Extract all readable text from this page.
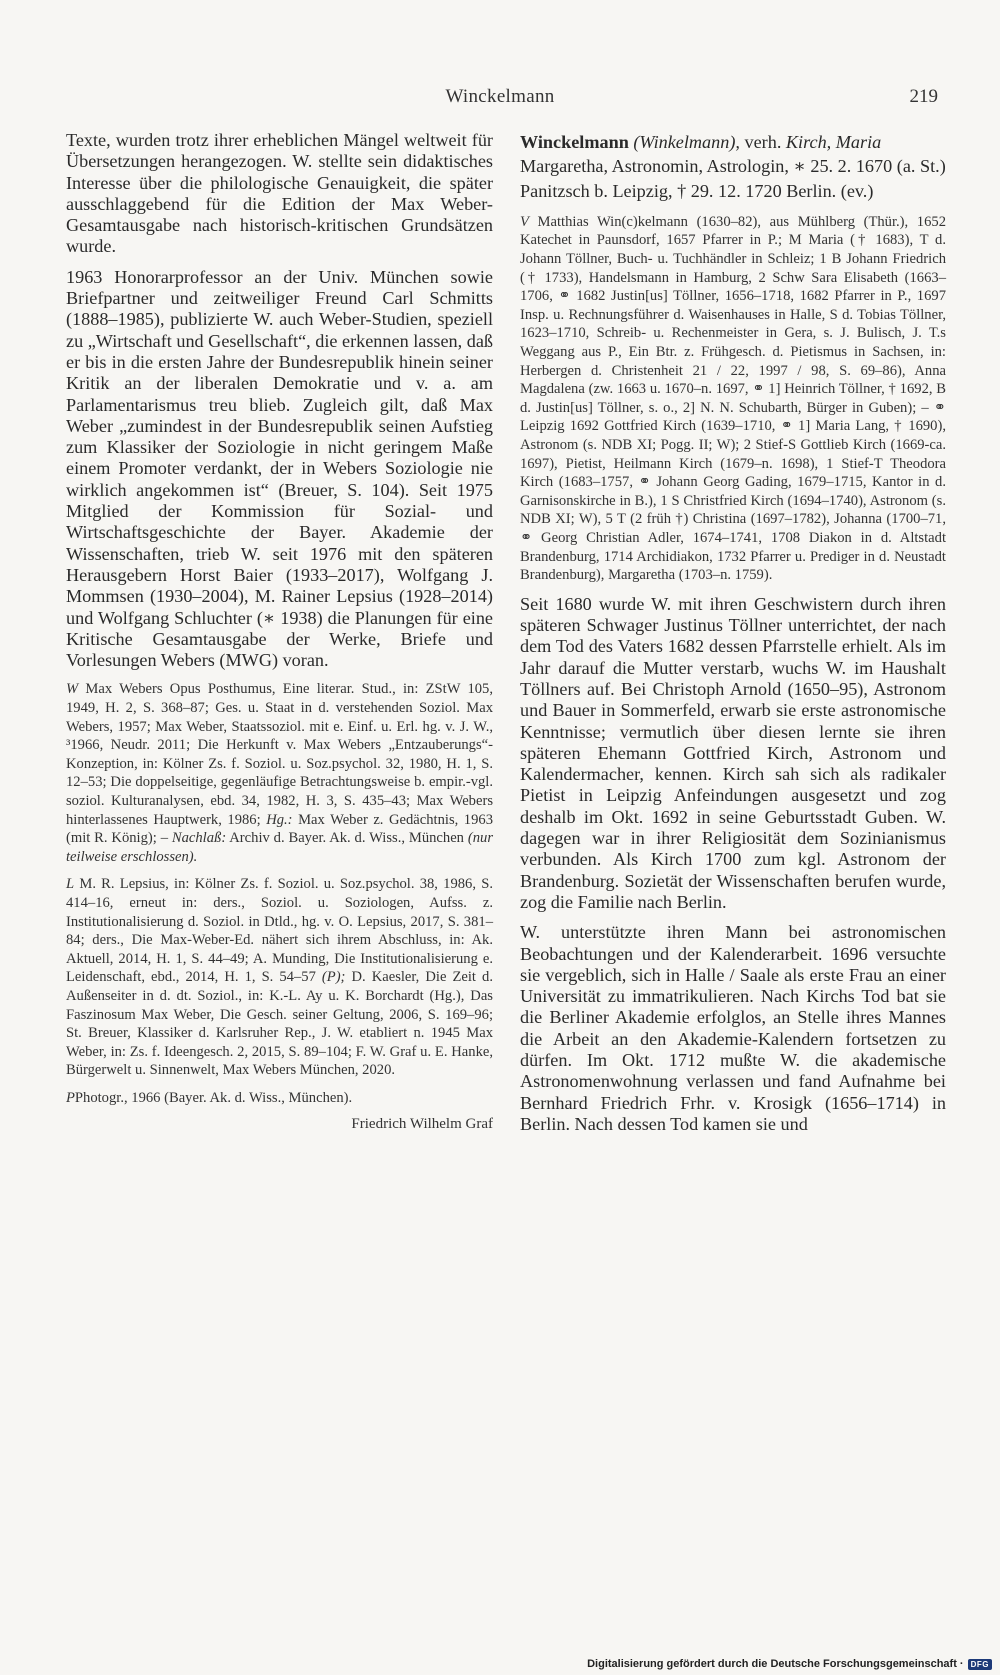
Winckelmann	219

Texte, wurden trotz ihrer erheblichen Mängel weltweit für Übersetzungen herangezogen. W. stellte sein didaktisches Interesse über die philologische Genauigkeit, die später ausschlaggebend für die Edition der Max Weber-Gesamtausgabe nach historisch-kritischen Grundsätzen wurde.

1963 Honorarprofessor an der Univ. München sowie Briefpartner und zeitweiliger Freund Carl Schmitts (1888–1985), publizierte W. auch Weber-Studien, speziell zu „Wirtschaft und Gesellschaft“, die erkennen lassen, daß er bis in die ersten Jahre der Bundesrepublik hinein seiner Kritik an der liberalen Demokratie und v. a. am Parlamentarismus treu blieb. Zugleich gilt, daß Max Weber „zumindest in der Bundesrepublik seinen Aufstieg zum Klassiker der Soziologie in nicht geringem Maße einem Promoter verdankt, der in Webers Soziologie nie wirklich angekommen ist“ (Breuer, S. 104). Seit 1975 Mitglied der Kommission für Sozial- und Wirtschaftsgeschichte der Bayer. Akademie der Wissenschaften, trieb W. seit 1976 mit den späteren Herausgebern Horst Baier (1933–2017), Wolfgang J. Mommsen (1930–2004), M. Rainer Lepsius (1928–2014) und Wolfgang Schluchter (∗ 1938) die Planungen für eine Kritische Gesamtausgabe der Werke, Briefe und Vorlesungen Webers (MWG) voran.

W Max Webers Opus Posthumus, Eine literar. Stud., in: ZStW 105, 1949, H. 2, S. 368–87; Ges. u. Staat in d. verstehenden Soziol. Max Webers, 1957; Max Weber, Staatssoziol. mit e. Einf. u. Erl. hg. v. J. W., ³1966, Neudr. 2011; Die Herkunft v. Max Webers „Entzauberungs“-Konzeption, in: Kölner Zs. f. Soziol. u. Soz.psychol. 32, 1980, H. 1, S. 12–53; Die doppelseitige, gegenläufige Betrachtungsweise b. empir.-vgl. soziol. Kulturanalysen, ebd. 34, 1982, H. 3, S. 435–43; Max Webers hinterlassenes Hauptwerk, 1986; Hg.: Max Weber z. Gedächtnis, 1963 (mit R. König); – Nachlaß: Archiv d. Bayer. Ak. d. Wiss., München (nur teilweise erschlossen).

L M. R. Lepsius, in: Kölner Zs. f. Soziol. u. Soz.psychol. 38, 1986, S. 414–16, erneut in: ders., Soziol. u. Soziologen, Aufss. z. Institutionalisierung d. Soziol. in Dtld., hg. v. O. Lepsius, 2017, S. 381–84; ders., Die Max-Weber-Ed. nähert sich ihrem Abschluss, in: Ak. Aktuell, 2014, H. 1, S. 44–49; A. Munding, Die Institutionalisierung e. Leidenschaft, ebd., 2014, H. 1, S. 54–57 (P); D. Kaesler, Die Zeit d. Außenseiter in d. dt. Soziol., in: K.-L. Ay u. K. Borchardt (Hg.), Das Faszinosum Max Weber, Die Gesch. seiner Geltung, 2006, S. 169–96; St. Breuer, Klassiker d. Karlsruher Rep., J. W. etabliert n. 1945 Max Weber, in: Zs. f. Ideengesch. 2, 2015, S. 89–104; F. W. Graf u. E. Hanke, Bürgerwelt u. Sinnenwelt, Max Webers München, 2020.

PPhotogr., 1966 (Bayer. Ak. d. Wiss., München).

Friedrich Wilhelm Graf

Winckelmann (Winkelmann), verh. Kirch, Maria Margaretha, Astronomin, Astrologin, ∗ 25. 2. 1670 (a. St.) Panitzsch b. Leipzig, † 29. 12. 1720 Berlin. (ev.)

V Matthias Win(c)kelmann (1630–82), aus Mühlberg (Thür.), 1652 Katechet in Paunsdorf, 1657 Pfarrer in P.; M Maria († 1683), T d. Johann Töllner, Buch- u. Tuchhändler in Schleiz; 1 B Johann Friedrich († 1733), Handelsmann in Hamburg, 2 Schw Sara Elisabeth (1663–1706, ⚭ 1682 Justin[us] Töllner, 1656–1718, 1682 Pfarrer in P., 1697 Insp. u. Rechnungsführer d. Waisenhauses in Halle, S d. Tobias Töllner, 1623–1710, Schreib- u. Rechenmeister in Gera, s. J. Bulisch, J. T.s Weggang aus P., Ein Btr. z. Frühgesch. d. Pietismus in Sachsen, in: Herbergen d. Christenheit 21 / 22, 1997 / 98, S. 69–86), Anna Magdalena (zw. 1663 u. 1670–n. 1697, ⚭ 1] Heinrich Töllner, † 1692, B d. Justin[us] Töllner, s. o., 2] N. N. Schubarth, Bürger in Guben); – ⚭ Leipzig 1692 Gottfried Kirch (1639–1710, ⚭ 1] Maria Lang, † 1690), Astronom (s. NDB XI; Pogg. II; W); 2 Stief-S Gottlieb Kirch (1669-ca. 1697), Pietist, Heilmann Kirch (1679–n. 1698), 1 Stief-T Theodora Kirch (1683–1757, ⚭ Johann Georg Gading, 1679–1715, Kantor in d. Garnisonskirche in B.), 1 S Christfried Kirch (1694–1740), Astronom (s. NDB XI; W), 5 T (2 früh †) Christina (1697–1782), Johanna (1700–71, ⚭ Georg Christian Adler, 1674–1741, 1708 Diakon in d. Altstadt Brandenburg, 1714 Archidiakon, 1732 Pfarrer u. Prediger in d. Neustadt Brandenburg), Margaretha (1703–n. 1759).

Seit 1680 wurde W. mit ihren Geschwistern durch ihren späteren Schwager Justinus Töllner unterrichtet, der nach dem Tod des Vaters 1682 dessen Pfarrstelle erhielt. Als im Jahr darauf die Mutter verstarb, wuchs W. im Haushalt Töllners auf. Bei Christoph Arnold (1650–95), Astronom und Bauer in Sommerfeld, erwarb sie erste astronomische Kenntnisse; vermutlich über diesen lernte sie ihren späteren Ehemann Gottfried Kirch, Astronom und Kalendermacher, kennen. Kirch sah sich als radikaler Pietist in Leipzig Anfeindungen ausgesetzt und zog deshalb im Okt. 1692 in seine Geburtsstadt Guben. W. dagegen war in ihrer Religiosität dem Sozinianismus verbunden. Als Kirch 1700 zum kgl. Astronom der Brandenburg. Sozietät der Wissenschaften berufen wurde, zog die Familie nach Berlin.

W. unterstützte ihren Mann bei astronomischen Beobachtungen und der Kalenderarbeit. 1696 versuchte sie vergeblich, sich in Halle / Saale als erste Frau an einer Universität zu immatrikulieren. Nach Kirchs Tod bat sie die Berliner Akademie erfolglos, an Stelle ihres Mannes die Arbeit an den Akademie-Kalendern fortsetzen zu dürfen. Im Okt. 1712 mußte W. die akademische Astronomenwohnung verlassen und fand Aufnahme bei Bernhard Friedrich Frhr. v. Krosigk (1656–1714) in Berlin. Nach dessen Tod kamen sie und

Digitalisierung gefördert durch die Deutsche Forschungsgemeinschaft · DFG
